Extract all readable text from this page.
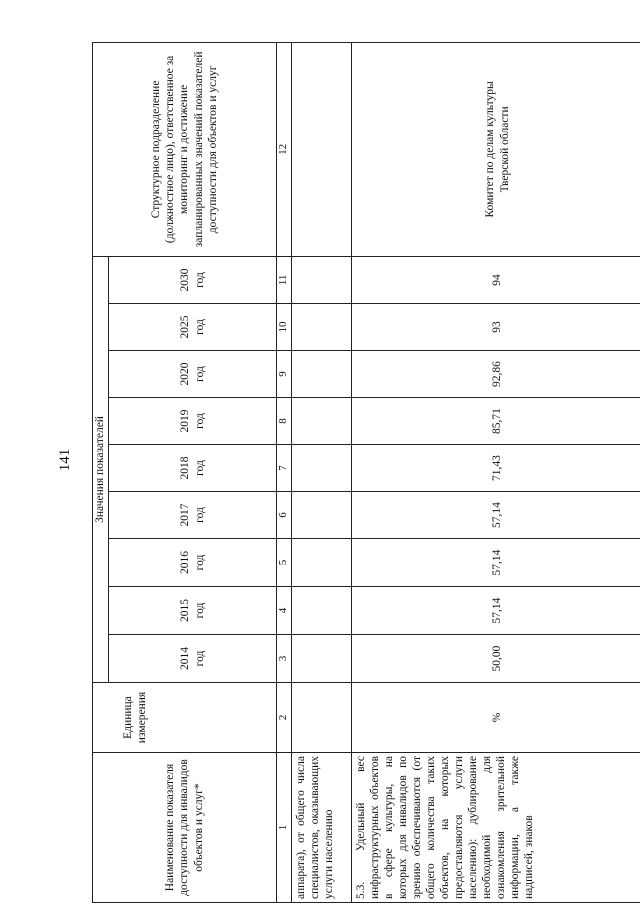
141
Наименование показателя доступности для инвалидов объектов и услуг*	Единица измерения	Значения показателей									Структурное подразделение (должностное лицо), ответственное за мониторинг и достижение запланированных значений показателей доступности для объектов и услуг
		2014 год	2015 год	2016 год	2017 год	2018 год	2019 год	2020 год	2025 год	2030 год	
1	2	3	4	5	6	7	8	9	10	11	12
аппарата), от общего числа специалистов, оказывающих услуги населению											
5.3. Удельный вес инфраструктурных объектов в сфере культуры, на которых для инвалидов по зрению обеспечиваются (от общего количества таких объектов, на которых предоставляются услуги населению): дублирование необходимой для ознакомления зрительной информации, а также надписей, знаков	%	50,00	57,14	57,14	57,14	71,43	85,71	92,86	93	94	Комитет по делам культуры Тверской области
